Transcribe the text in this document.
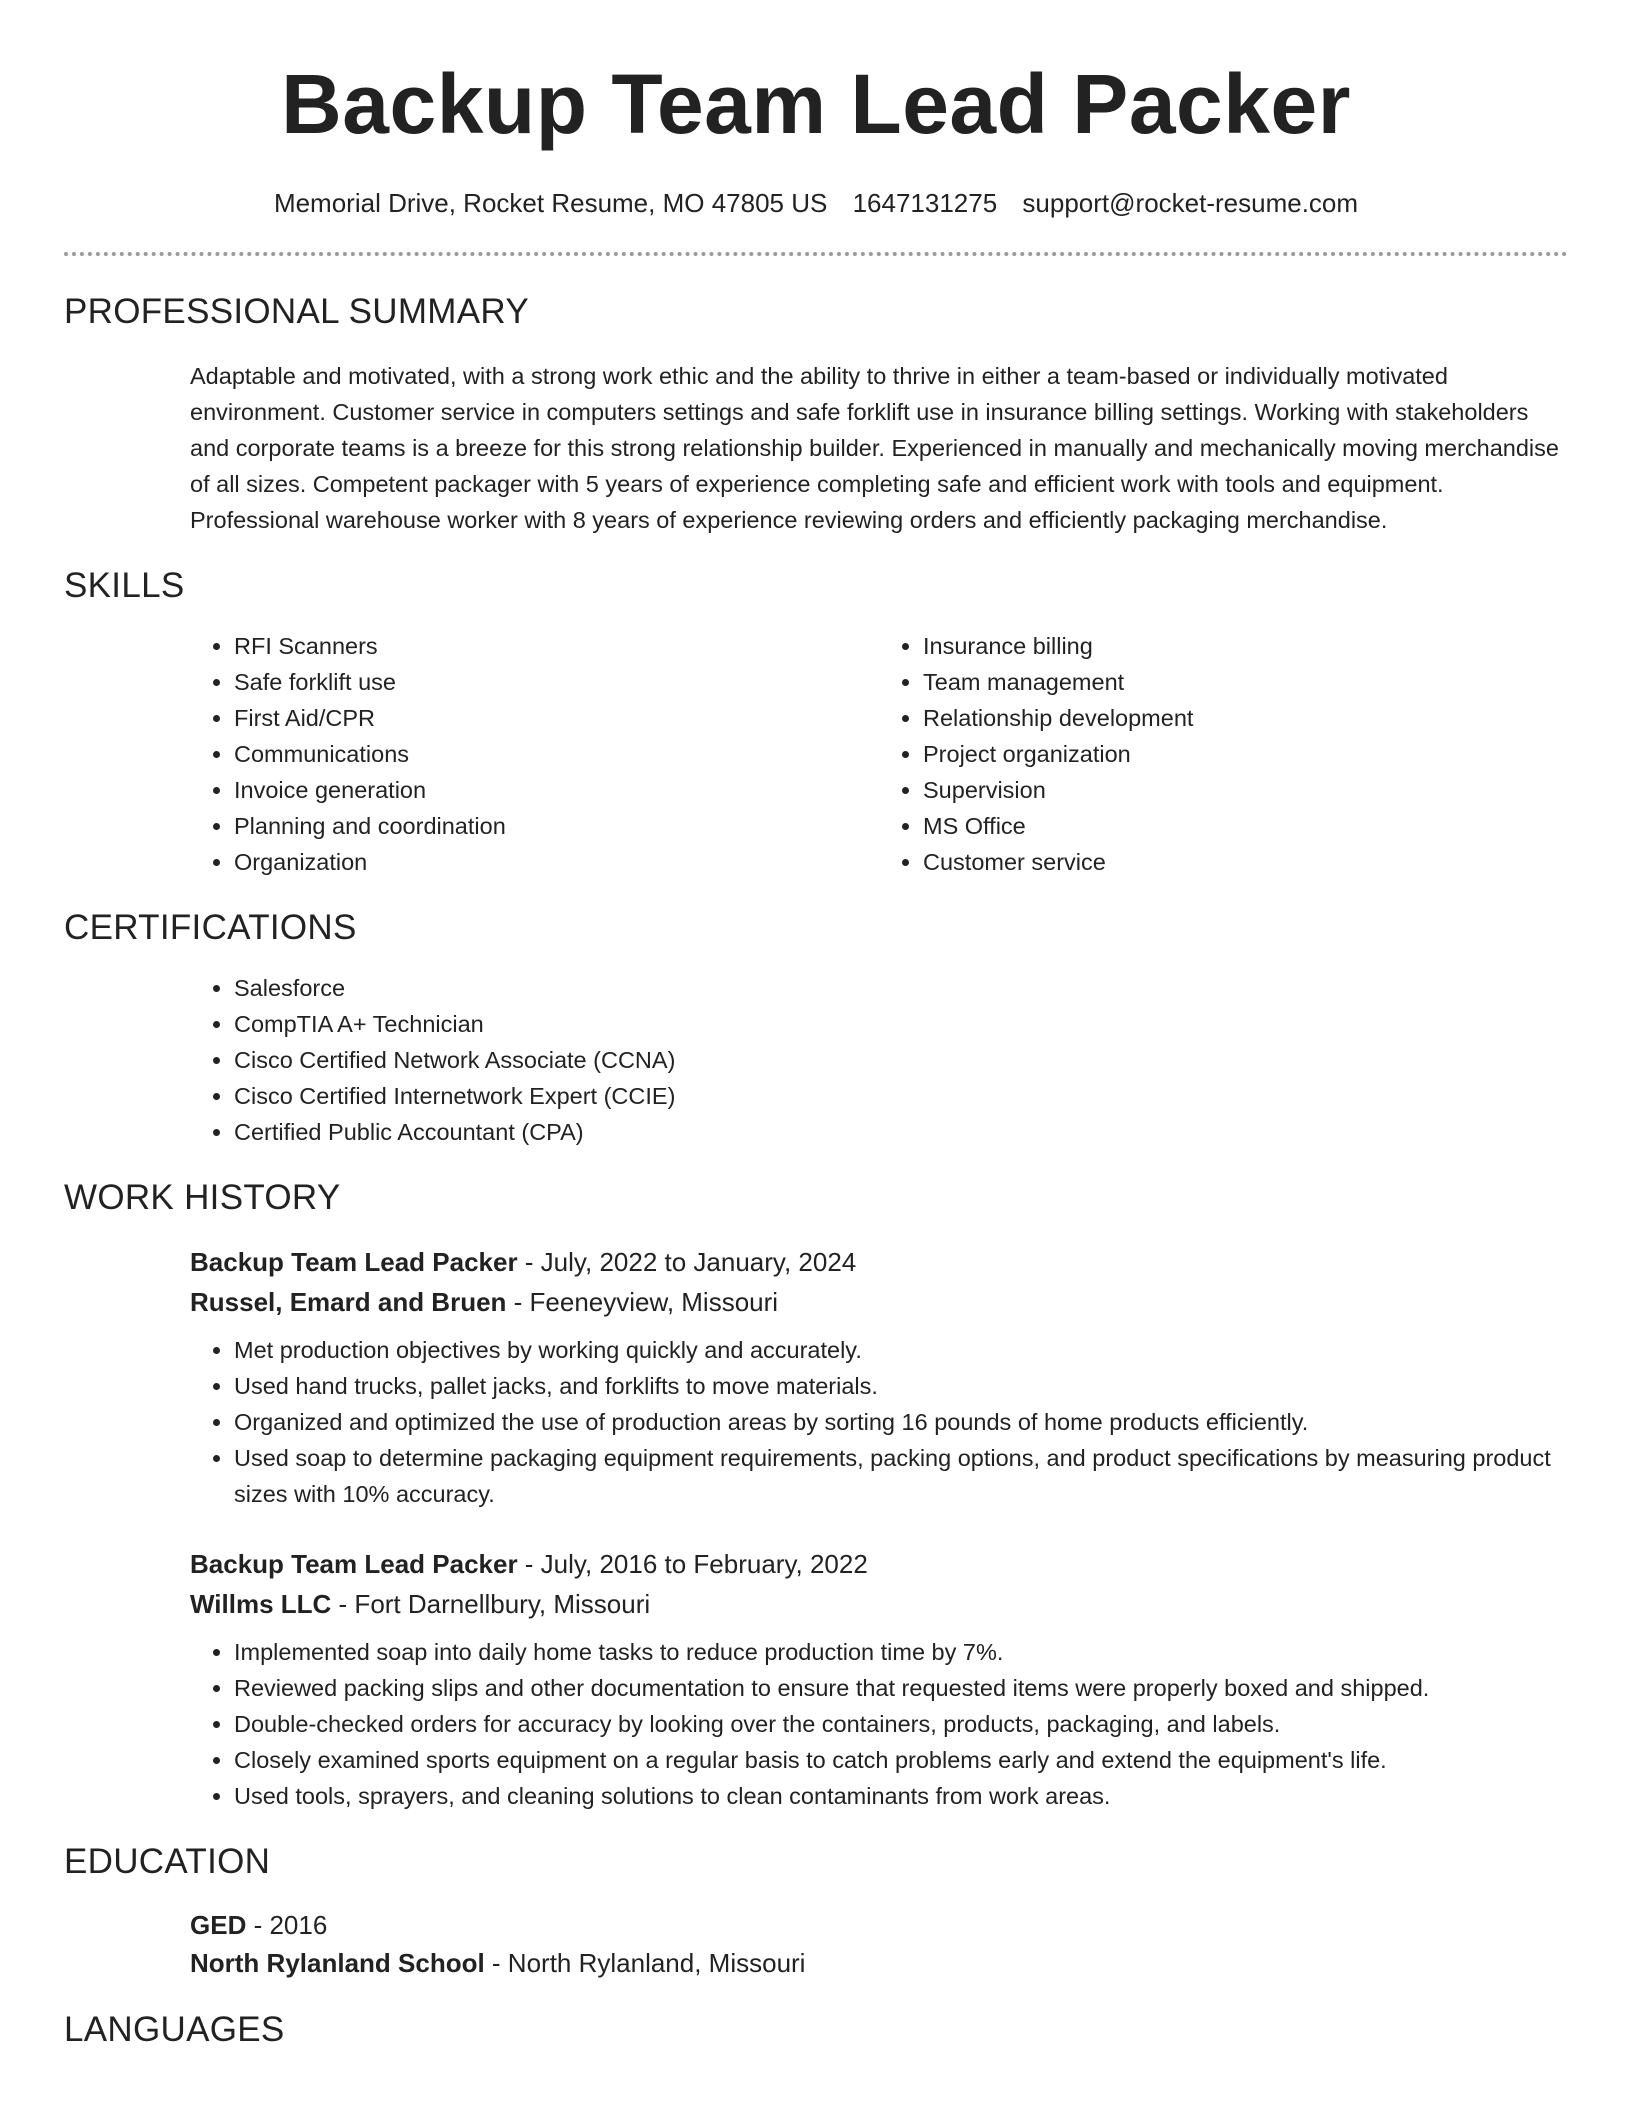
Backup Team Lead Packer
Memorial Drive, Rocket Resume, MO 47805 US 1647131275 support@rocket-resume.com
PROFESSIONAL SUMMARY
Adaptable and motivated, with a strong work ethic and the ability to thrive in either a team-based or individually motivated environment. Customer service in computers settings and safe forklift use in insurance billing settings. Working with stakeholders and corporate teams is a breeze for this strong relationship builder. Experienced in manually and mechanically moving merchandise of all sizes. Competent packager with 5 years of experience completing safe and efficient work with tools and equipment. Professional warehouse worker with 8 years of experience reviewing orders and efficiently packaging merchandise.
SKILLS
• RFI Scanners
• Safe forklift use
• First Aid/CPR
• Communications
• Invoice generation
• Planning and coordination
• Organization
• Insurance billing
• Team management
• Relationship development
• Project organization
• Supervision
• MS Office
• Customer service
CERTIFICATIONS
• Salesforce
• CompTIA A+ Technician
• Cisco Certified Network Associate (CCNA)
• Cisco Certified Internetwork Expert (CCIE)
• Certified Public Accountant (CPA)
WORK HISTORY
Backup Team Lead Packer - July, 2022 to January, 2024
Russel, Emard and Bruen - Feeneyview, Missouri
• Met production objectives by working quickly and accurately.
• Used hand trucks, pallet jacks, and forklifts to move materials.
• Organized and optimized the use of production areas by sorting 16 pounds of home products efficiently.
• Used soap to determine packaging equipment requirements, packing options, and product specifications by measuring product sizes with 10% accuracy.
Backup Team Lead Packer - July, 2016 to February, 2022
Willms LLC - Fort Darnellbury, Missouri
• Implemented soap into daily home tasks to reduce production time by 7%.
• Reviewed packing slips and other documentation to ensure that requested items were properly boxed and shipped.
• Double-checked orders for accuracy by looking over the containers, products, packaging, and labels.
• Closely examined sports equipment on a regular basis to catch problems early and extend the equipment's life.
• Used tools, sprayers, and cleaning solutions to clean contaminants from work areas.
EDUCATION
GED - 2016
North Rylanland School - North Rylanland, Missouri
LANGUAGES
